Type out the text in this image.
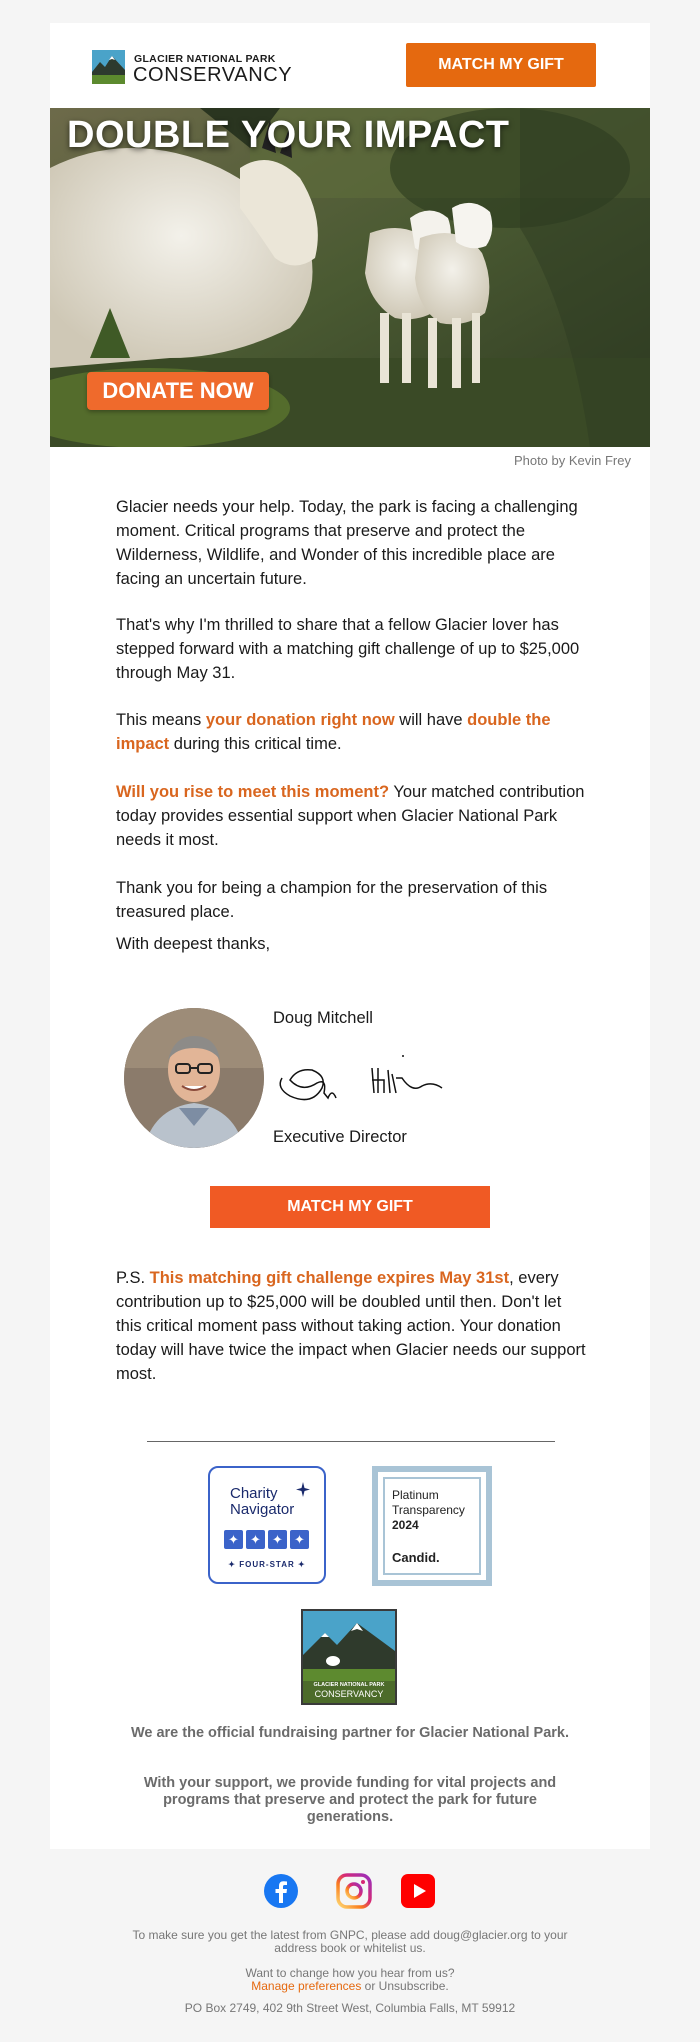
GLACIER NATIONAL PARK
CONSERVANCY	MATCH MY GIFT
DOUBLE YOUR IMPACT
DONATE NOW
Photo by Kevin Frey
Glacier needs your help. Today, the park is facing a challenging moment. Critical programs that preserve and protect the Wilderness, Wildlife, and Wonder of this incredible place are facing an uncertain future.
That's why I'm thrilled to share that a fellow Glacier lover has stepped forward with a matching gift challenge of up to $25,000 through May 31.
This means your donation right now will have double the impact during this critical time.
Will you rise to meet this moment? Your matched contribution today provides essential support when Glacier National Park needs it most.
Thank you for being a champion for the preservation of this treasured place.
With deepest thanks,
Doug Mitchell
Executive Director
MATCH MY GIFT
P.S. This matching gift challenge expires May 31st, every contribution up to $25,000 will be doubled until then. Don't let this critical moment pass without taking action. Your donation today will have twice the impact when Glacier needs our support most.
Charity
Navigator
✦ ✦ ✦ ✦
✦ FOUR-STAR ✦
Platinum
Transparency
2024
Candid.
GLACIER NATIONAL PARK
CONSERVANCY
We are the official fundraising partner for Glacier National Park.
With your support, we provide funding for vital projects and programs that preserve and protect the park for future generations.
To make sure you get the latest from GNPC, please add doug@glacier.org to your address book or whitelist us.
Want to change how you hear from us?
Manage preferences or Unsubscribe.
PO Box 2749, 402 9th Street West, Columbia Falls, MT 59912
